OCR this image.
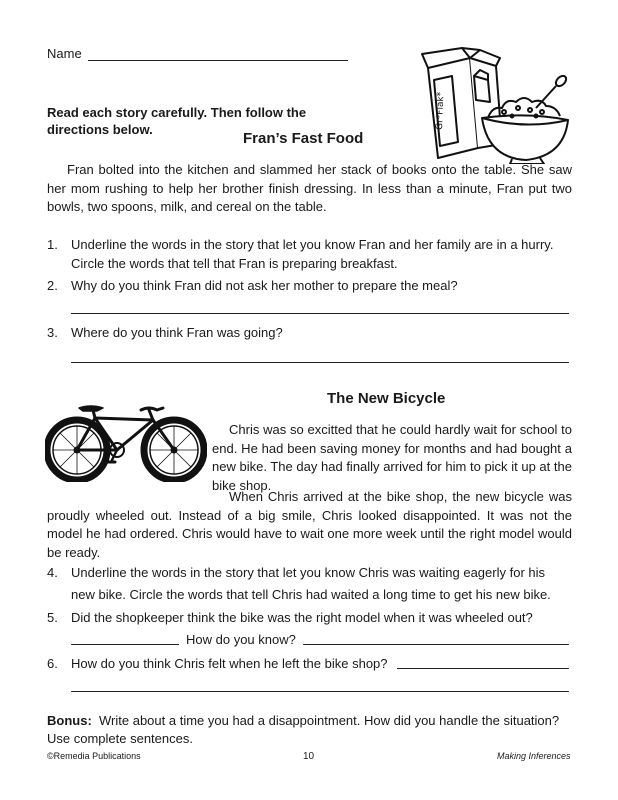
Name
Read each story carefully. Then follow the directions below.	Gr*Flak*
Fran’s Fast Food
Fran bolted into the kitchen and slammed her stack of books onto the table. She saw her mom rushing to help her brother finish dressing. In less than a minute, Fran put two bowls, two spoons, milk, and cereal on the table.
1. Underline the words in the story that let you know Fran and her family are in a hurry.
Circle the words that tell that Fran is preparing breakfast.
2. Why do you think Fran did not ask her mother to prepare the meal?
3. Where do you think Fran was going?
The New Bicycle
Chris was so excitted that he could hardly wait for school to end. He had been saving money for months and had bought a new bike. The day had finally arrived for him to pick it up at the bike shop.
When Chris arrived at the bike shop, the new bicycle was proudly wheeled out. Instead of a big smile, Chris looked disappointed. It was not the model he had ordered. Chris would have to wait one more week until the right model would be ready.
4. Underline the words in the story that let you know Chris was waiting eagerly for his
new bike. Circle the words that tell Chris had waited a long time to get his new bike.
5. Did the shopkeeper think the bike was the right model when it was wheeled out?
How do you know?
6. How do you think Chris felt when he left the bike shop?
Bonus: Write about a time you had a disappointment. How did you handle the situation? Use complete sentences.
©Remedia Publications	10	Making Inferences
